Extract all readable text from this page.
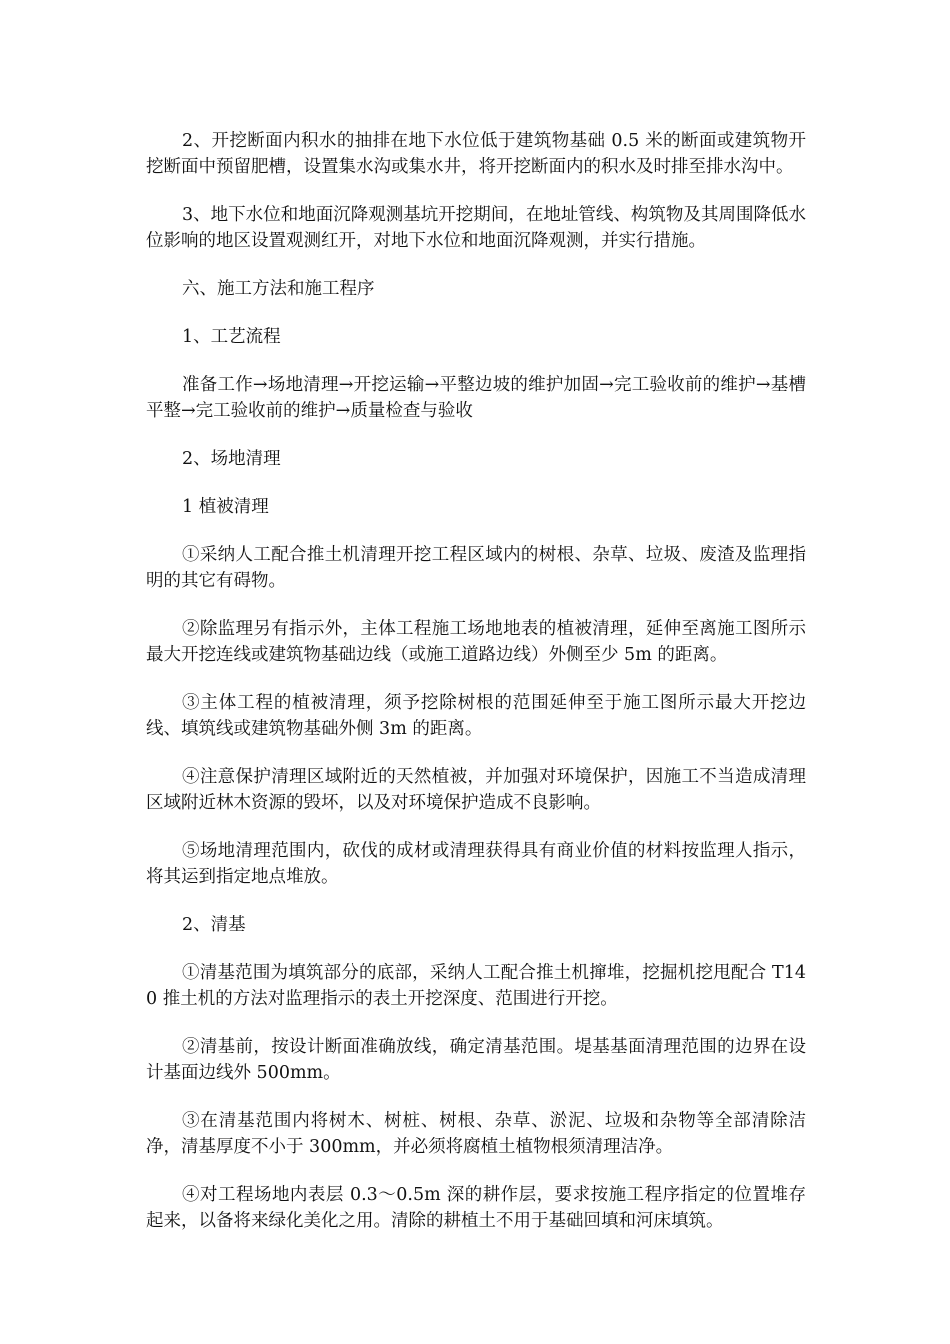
2、开挖断面内积水的抽排在地下水位低于建筑物基础 0.5 米的断面或建筑物开挖断面中预留肥槽，设置集水沟或集水井，将开挖断面内的积水及时排至排水沟中。

3、地下水位和地面沉降观测基坑开挖期间，在地址管线、构筑物及其周围降低水位影响的地区设置观测红开，对地下水位和地面沉降观测，并实行措施。

六、施工方法和施工程序

1、工艺流程

准备工作→场地清理→开挖运输→平整边坡的维护加固→完工验收前的维护→基槽平整→完工验收前的维护→质量检查与验收

2、场地清理

1 植被清理

①采纳人工配合推土机清理开挖工程区域内的树根、杂草、垃圾、废渣及监理指明的其它有碍物。

②除监理另有指示外，主体工程施工场地地表的植被清理，延伸至离施工图所示最大开挖连线或建筑物基础边线（或施工道路边线）外侧至少 5m 的距离。

③主体工程的植被清理，须予挖除树根的范围延伸至于施工图所示最大开挖边线、填筑线或建筑物基础外侧 3m 的距离。

④注意保护清理区域附近的天然植被，并加强对环境保护，因施工不当造成清理区域附近林木资源的毁坏，以及对环境保护造成不良影响。

⑤场地清理范围内，砍伐的成材或清理获得具有商业价值的材料按监理人指示，将其运到指定地点堆放。

2、清基

①清基范围为填筑部分的底部，采纳人工配合推土机撺堆，挖掘机挖甩配合 T140 推土机的方法对监理指示的表土开挖深度、范围进行开挖。

②清基前，按设计断面准确放线，确定清基范围。堤基基面清理范围的边界在设计基面边线外 500mm。

③在清基范围内将树木、树桩、树根、杂草、淤泥、垃圾和杂物等全部清除洁净，清基厚度不小于 300mm，并必须将腐植土植物根须清理洁净。

④对工程场地内表层 0.3～0.5m 深的耕作层，要求按施工程序指定的位置堆存起来，以备将来绿化美化之用。清除的耕植土不用于基础回填和河床填筑。
